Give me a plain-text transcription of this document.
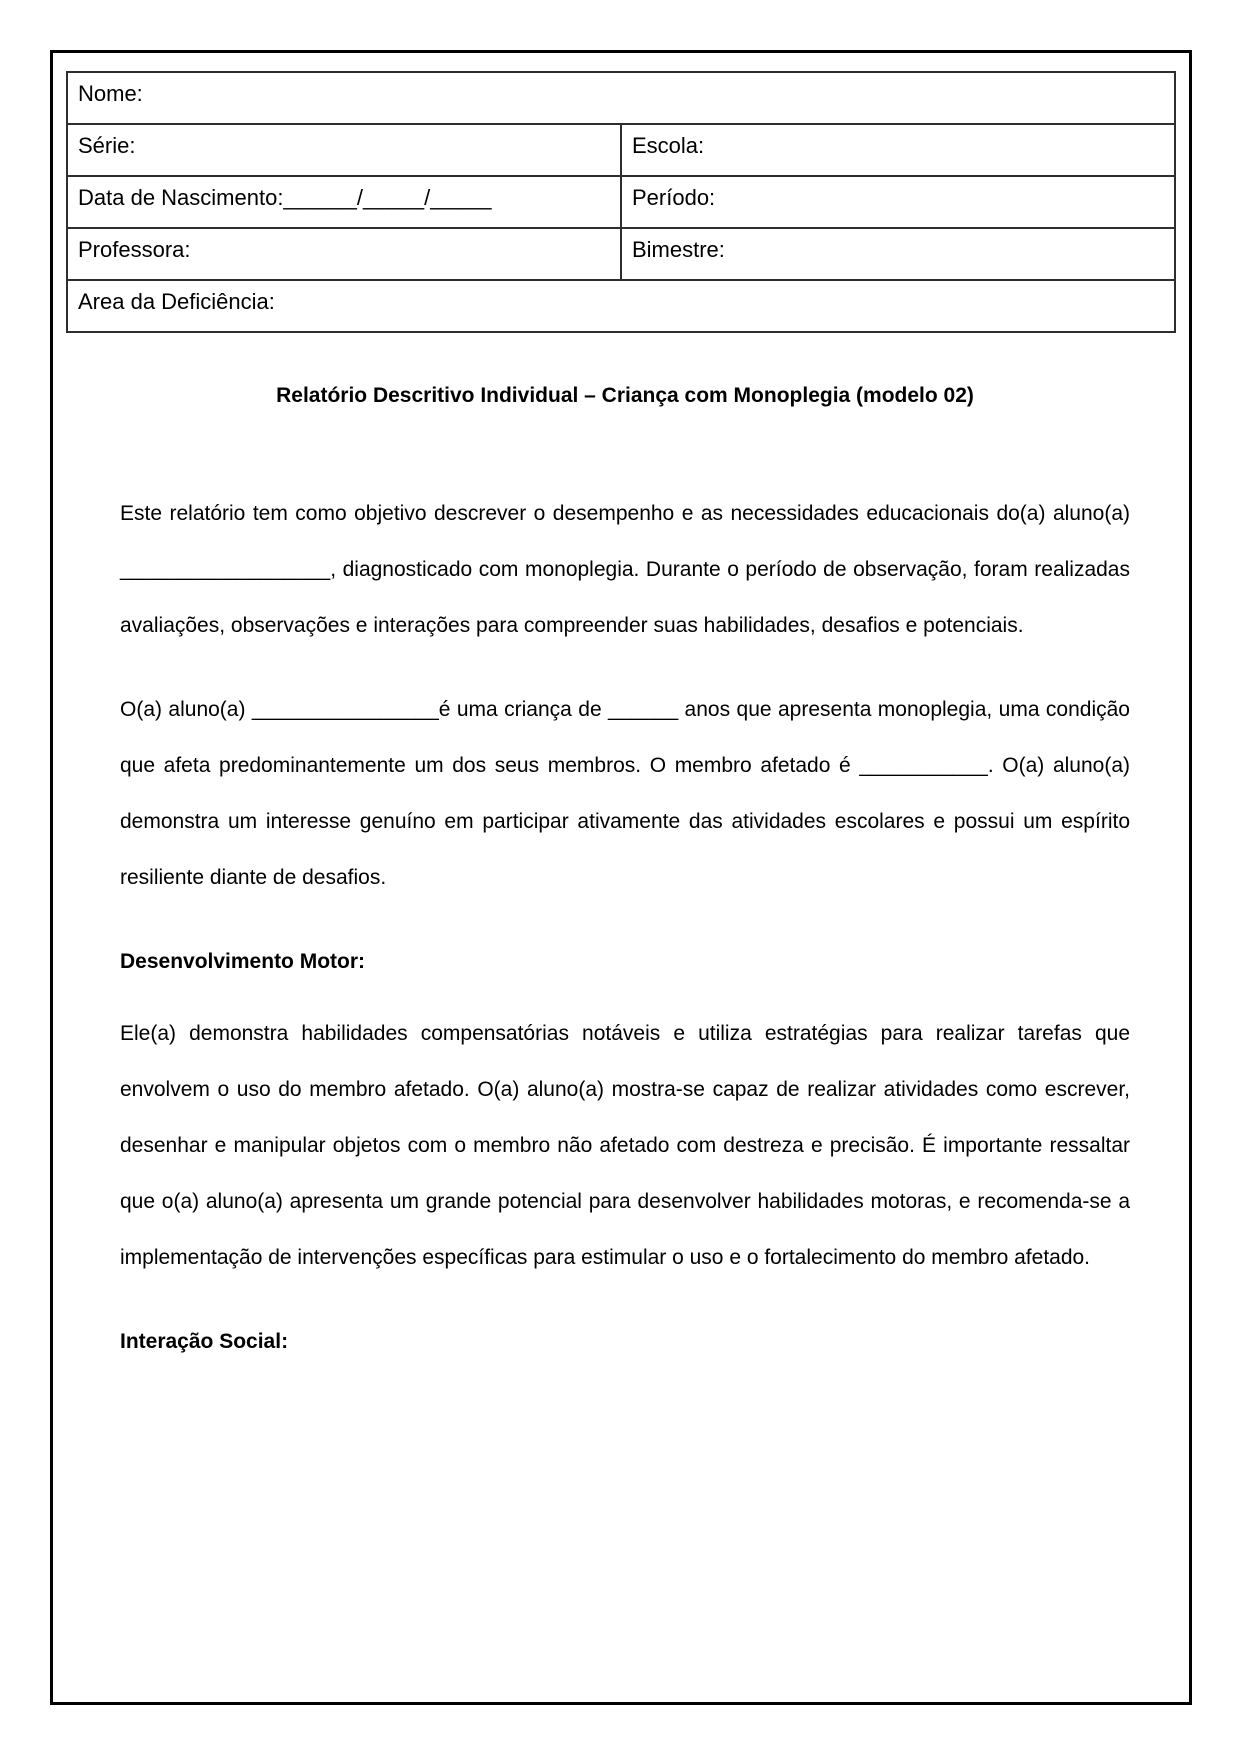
Nome:	
Série:	Escola:
Data de Nascimento:______/_____/_____	Período:
Professora:	Bimestre:
Area da Deficiência:	
Relatório Descritivo Individual – Criança com Monoplegia (modelo 02)

Este relatório tem como objetivo descrever o desempenho e as necessidades educacionais do(a) aluno(a) __________________, diagnosticado com monoplegia. Durante o período de observação, foram realizadas avaliações, observações e interações para compreender suas habilidades, desafios e potenciais.

O(a) aluno(a) ________________é uma criança de ______ anos que apresenta monoplegia, uma condição que afeta predominantemente um dos seus membros. O membro afetado é ___________. O(a) aluno(a) demonstra um interesse genuíno em participar ativamente das atividades escolares e possui um espírito resiliente diante de desafios.

Desenvolvimento Motor:

Ele(a) demonstra habilidades compensatórias notáveis e utiliza estratégias para realizar tarefas que envolvem o uso do membro afetado. O(a) aluno(a) mostra-se capaz de realizar atividades como escrever, desenhar e manipular objetos com o membro não afetado com destreza e precisão. É importante ressaltar que o(a) aluno(a) apresenta um grande potencial para desenvolver habilidades motoras, e recomenda-se a implementação de intervenções específicas para estimular o uso e o fortalecimento do membro afetado.

Interação Social:
